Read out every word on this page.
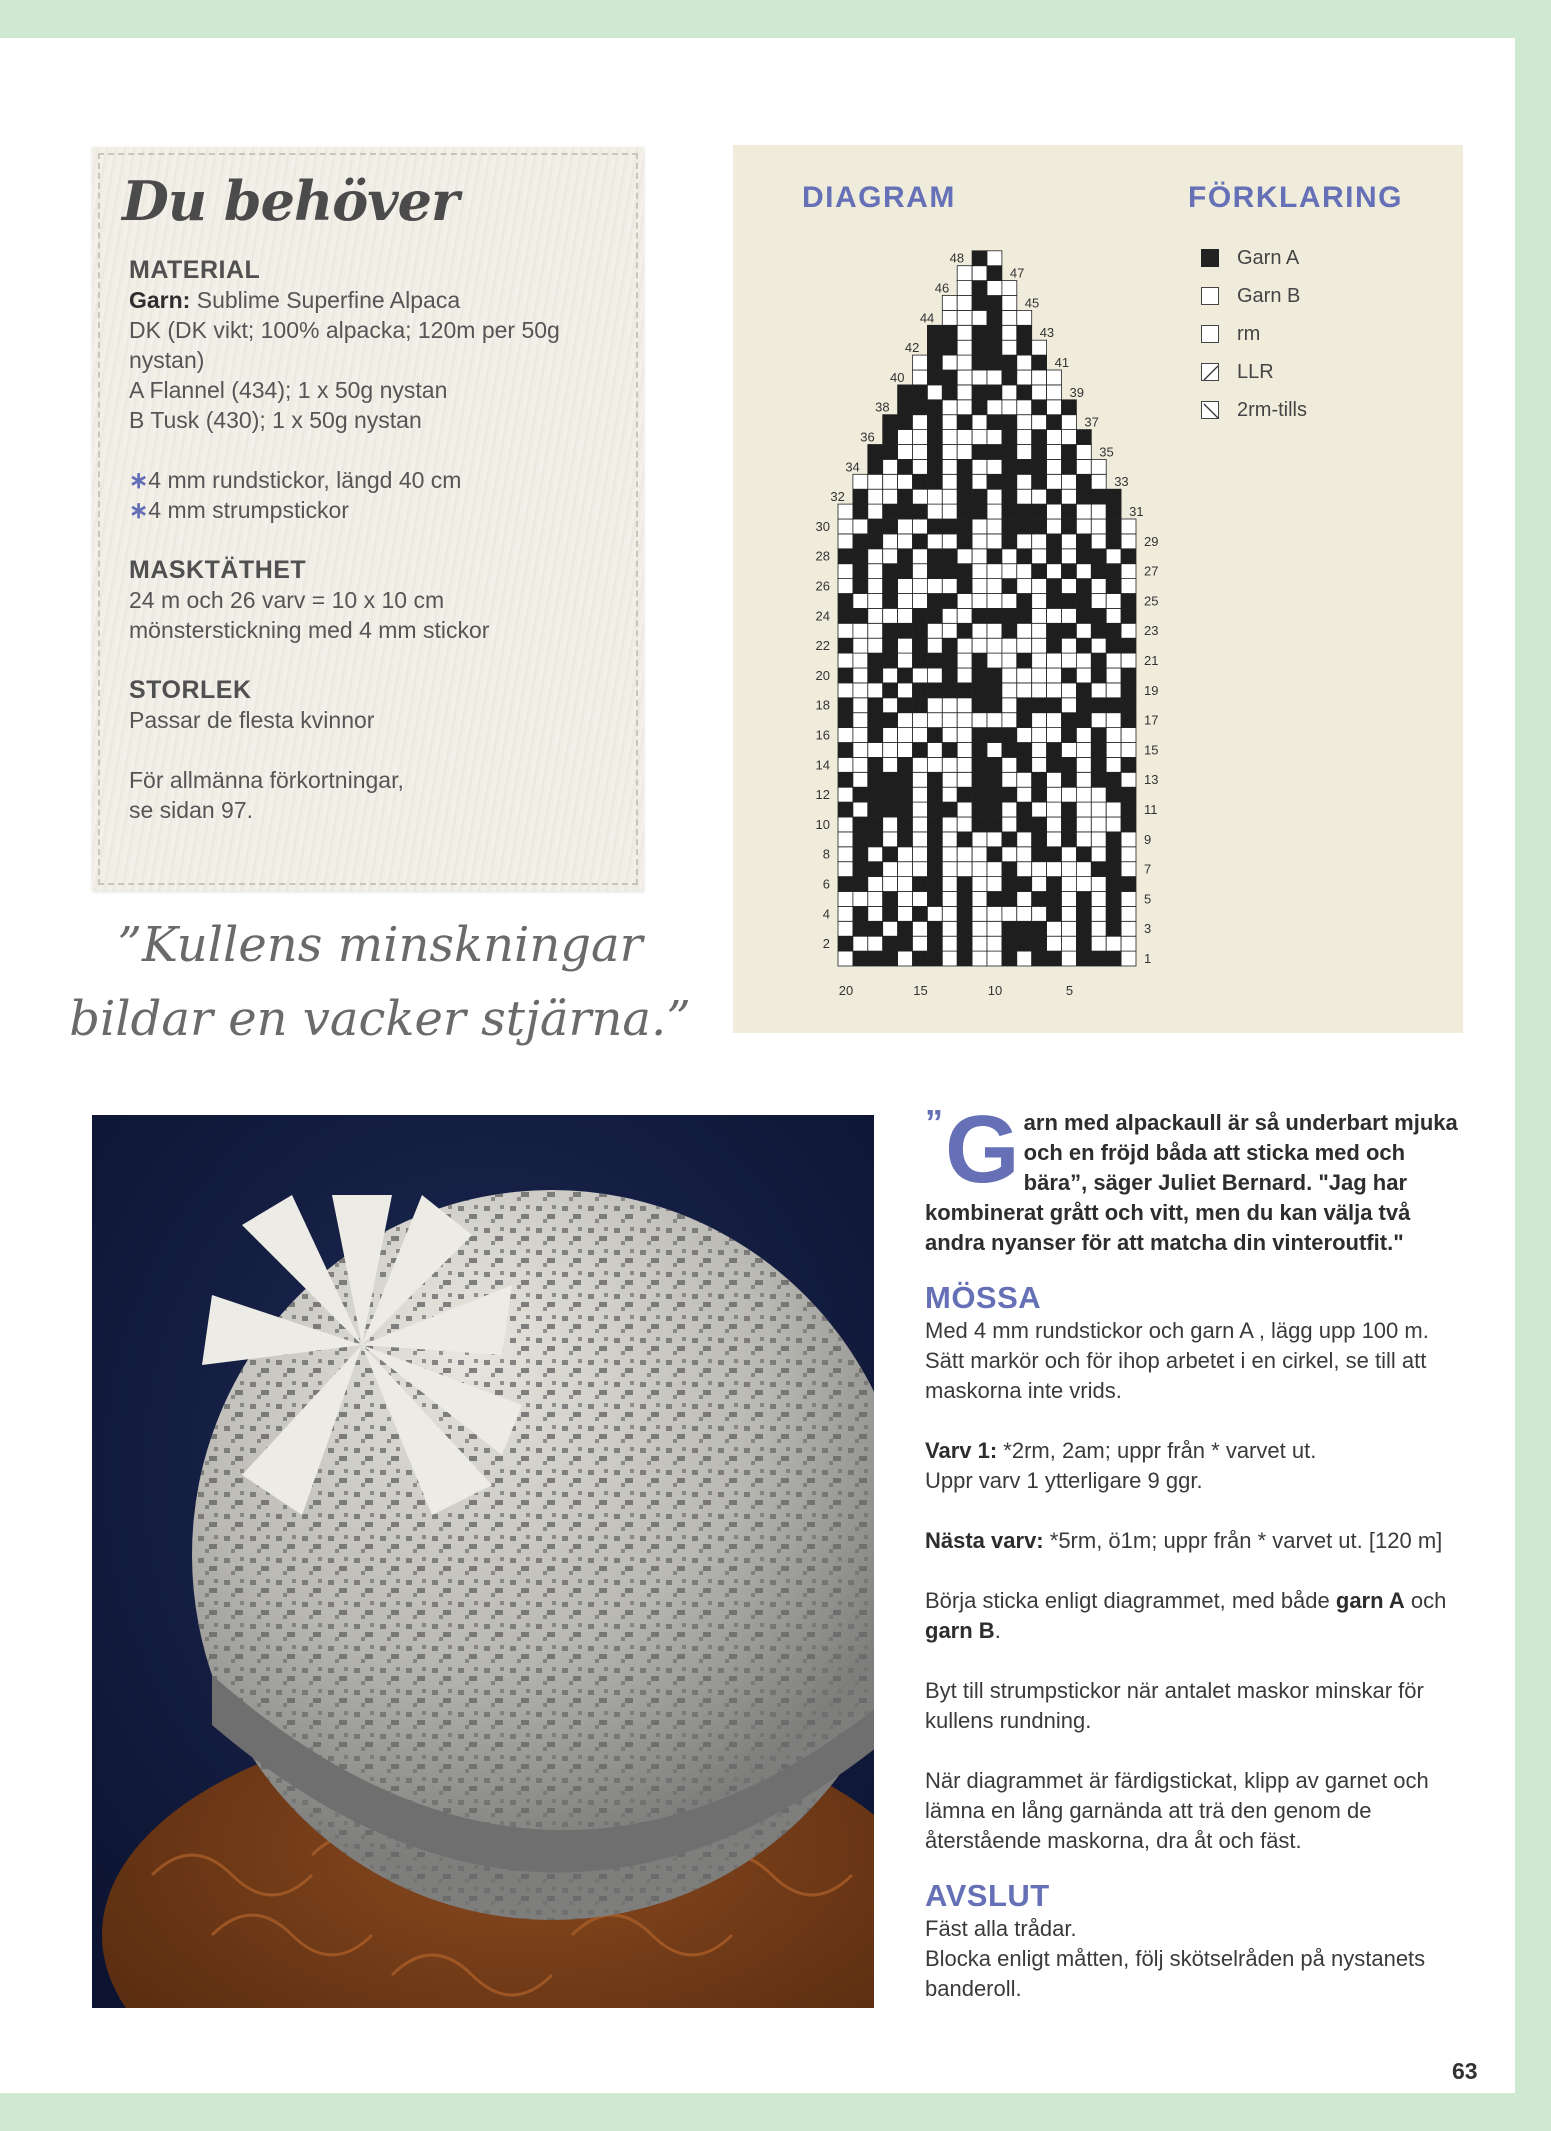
Du behöver
MATERIAL

Garn: Sublime Superfine Alpaca

DK (DK vikt; 100% alpacka; 120m per 50g

nystan)

A Flannel (434); 1 x 50g nystan

B Tusk (430); 1 x 50g nystan

∗4 mm rundstickor, längd 40 cm

∗4 mm strumpstickor

MASKTÄTHET

24 m och 26 varv = 10 x 10 cm

mönsterstickning med 4 mm stickor

STORLEK

Passar de flesta kvinnor

För allmänna förkortningar,

se sidan 97.

”Kullens minskningar
bildar en vacker stjärna.”
DIAGRAM	FÖRKLARING
2
4
6
8
10
12
14
16
18
20
22
24
26
28
30
32
34
36
38
40
42
44
46
48
1
3
5
7
9
11
13
15
17
19
21
23
25
27
29
31
33
35
37
39
41
43
45
47
20	15	10	5
Garn A
Garn B
rm
LLR
2rm-tills
” G arn med alpackaull är så underbart mjuka och en fröjd båda att sticka med och bära”, säger Juliet Bernard. "Jag har kombinerat grått och vitt, men du kan välja två andra nyanser för att matcha din vinteroutfit."
MÖSSA

Med 4 mm rundstickor och garn A , lägg upp 100 m. Sätt markör och för ihop arbetet i en cirkel, se till att maskorna inte vrids.

Varv 1: *2rm, 2am; uppr från * varvet ut.
Uppr varv 1 ytterligare 9 ggr.

Nästa varv: *5rm, ö1m; uppr från * varvet ut. [120 m]

Börja sticka enligt diagrammet, med både garn A och garn B.

Byt till strumpstickor när antalet maskor minskar för kullens rundning.

När diagrammet är färdigstickat, klipp av garnet och lämna en lång garnända att trä den genom de återstående maskorna, dra åt och fäst.

AVSLUT

Fäst alla trådar.

Blocka enligt måtten, följ skötselråden på nystanets banderoll.

63
